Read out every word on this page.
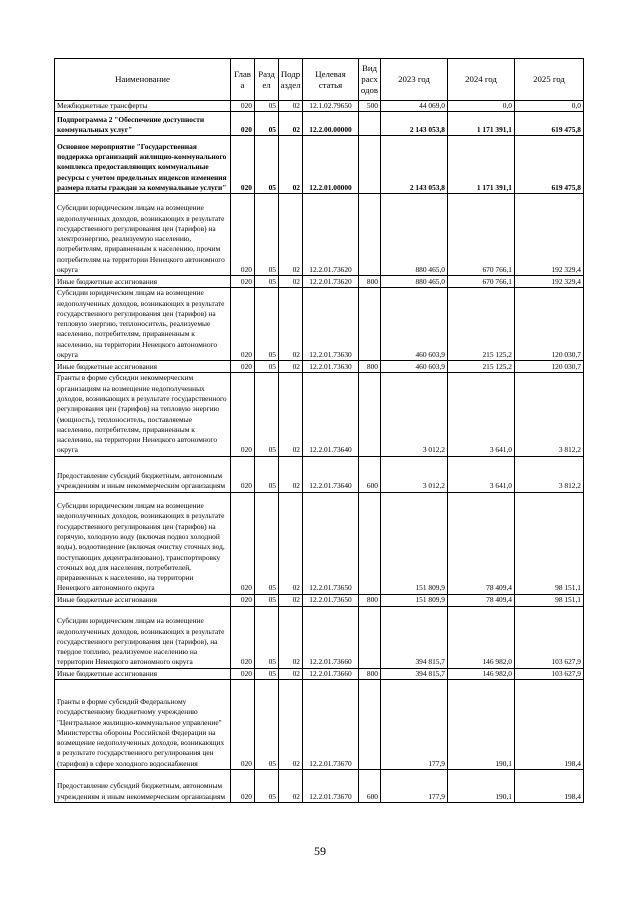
Наименование	Глав а	Разд ел	Подр аздел	Целевая статья	Вид расх одов	2023 год	2024 год	2025 год
Межбюджетные трансферты	020	05	02	12.1.02.79650	500	44 069,0	0,0	0,0
Подпрограмма 2 "Обеспечение доступности коммунальных услуг"	020	05	02	12.2.00.00000		2 143 053,8	1 171 391,1	619 475,8
Основное мероприятие "Государственная поддержка организаций жилищно-коммунального комплекса предоставляющих коммунальные ресурсы с учетом предельных индексов изменения размера платы граждан за коммунальные услуги"	020	05	02	12.2.01.00000		2 143 053,8	1 171 391,1	619 475,8
Субсидии юридическим лицам на возмещение недополученных доходов, возникающих в результате государственного регулирования цен (тарифов) на электроэнергию, реализуемую населению, потребителям, приравненным к населению, прочим потребителям на территории Ненецкого автономного округа	020	05	02	12.2.01.73620		880 465,0	670 766,1	192 329,4
Иные бюджетные ассигнования	020	05	02	12.2.01.73620	800	880 465,0	670 766,1	192 329,4
Субсидии юридическим лицам на возмещение недополученных доходов, возникающих в результате государственного регулирования цен (тарифов) на тепловую энергию, теплоноситель, реализуемые населению, потребителям, приравненным к населению, на территории Ненецкого автономного округа	020	05	02	12.2.01.73630		460 603,9	215 125,2	120 030,7
Иные бюджетные ассигнования	020	05	02	12.2.01.73630	800	460 603,9	215 125,2	120 030,7
Гранты в форме субсидии некоммерческим организациям на возмещение недополученных доходов, возникающих в результате государственного регулирования цен (тарифов) на тепловую энергию (мощность), теплоноситель, поставляемые населению, потребителям, приравненным к населению, на территории Ненецкого автономного округа	020	05	02	12.2.01.73640		3 012,2	3 641,0	3 812,2
Предоставление субсидий бюджетным, автономным учреждениям и иным некоммерческим организациям	020	05	02	12.2.01.73640	600	3 012,2	3 641,0	3 812,2
Субсидии юридическим лицам на возмещение недополученных доходов, возникающих в результате государственного регулирования цен (тарифов) на горячую, холодную воду (включая подвоз холодной воды), водоотведение (включая очистку сточных вод, поступающих децентрализовано), транспортировку сточных вод для населения, потребителей, приравненных к населению, на территории Ненецкого автономного округа	020	05	02	12.2.01.73650		151 809,9	78 409,4	98 151,1
Иные бюджетные ассигнования	020	05	02	12.2.01.73650	800	151 809,9	78 409,4	98 151,1
Субсидии юридическим лицам на возмещение недополученных доходов, возникающих в результате государственного регулирования цен (тарифов), на твердое топливо, реализуемое населению на территории Ненецкого автономного округа	020	05	02	12.2.01.73660		394 815,7	146 982,0	103 627,9
Иные бюджетные ассигнования	020	05	02	12.2.01.73660	800	394 815,7	146 982,0	103 627,9
Гранты в форме субсидий Федеральному государственному бюджетному учреждению "Центральное жилищно-коммунальное управление" Министерства обороны Российской Федерации на возмещение недополученных доходов, возникающих в результате государственного регулирования цен (тарифов) в сфере холодного водоснабжения	020	05	02	12.2.01.73670		177,9	190,1	198,4
Предоставление субсидий бюджетным, автономным учреждениям и иным некоммерческим организациям	020	05	02	12.2.01.73670	600	177,9	190,1	198,4
59
